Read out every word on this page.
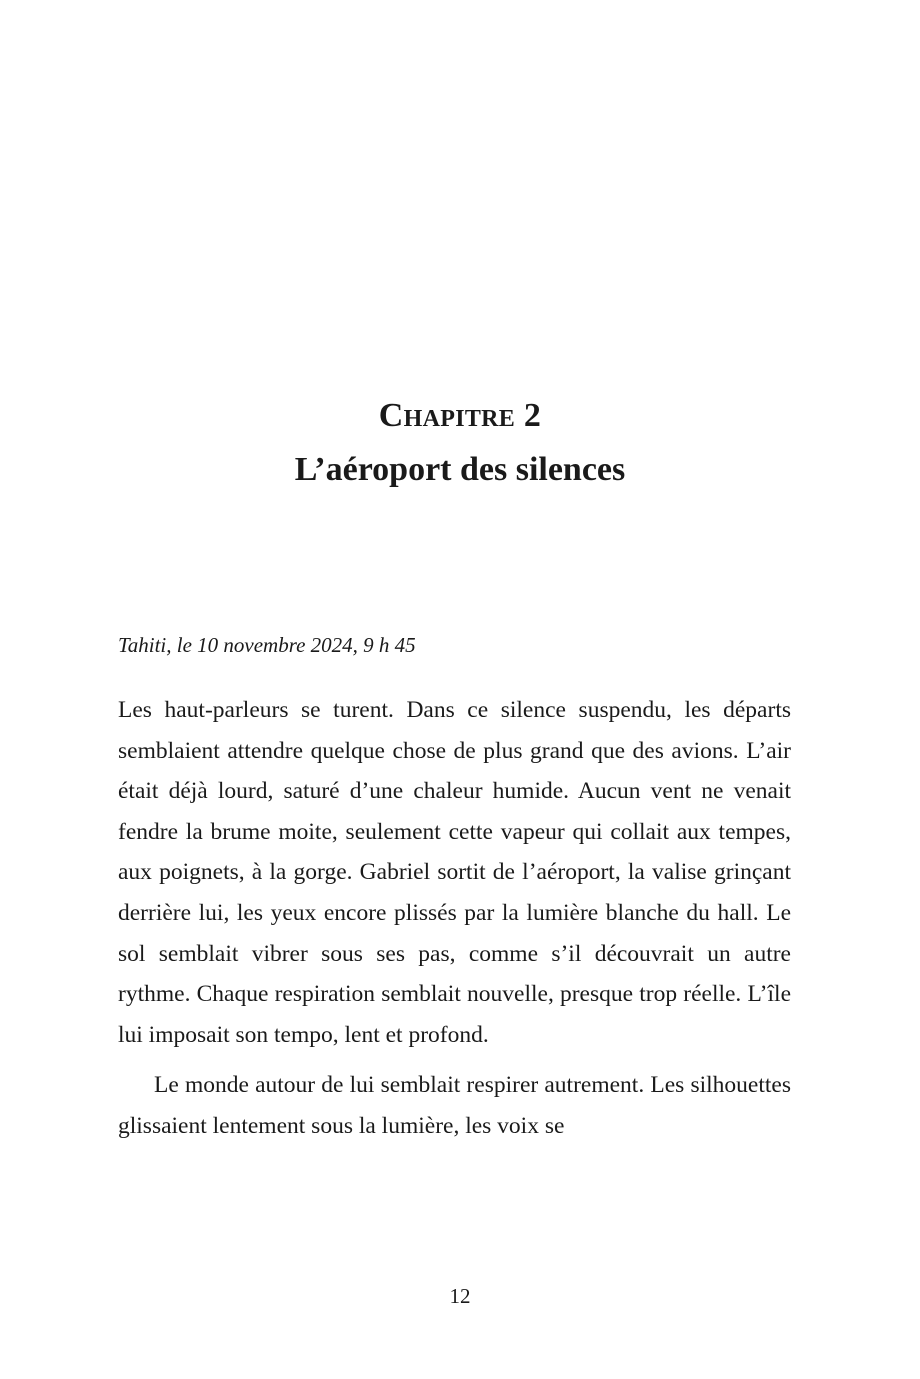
Chapitre 2
L’aéroport des silences
Tahiti, le 10 novembre 2024, 9 h 45

Les haut-parleurs se turent. Dans ce silence suspendu, les départs semblaient attendre quelque chose de plus grand que des avions. L’air était déjà lourd, saturé d’une chaleur humide. Aucun vent ne venait fendre la brume moite, seulement cette vapeur qui collait aux tempes, aux poignets, à la gorge. Gabriel sortit de l’aéroport, la valise grinçant derrière lui, les yeux encore plissés par la lumière blanche du hall. Le sol semblait vibrer sous ses pas, comme s’il découvrait un autre rythme. Chaque respiration semblait nouvelle, presque trop réelle. L’île lui imposait son tempo, lent et profond.

Le monde autour de lui semblait respirer autrement. Les silhouettes glissaient lentement sous la lumière, les voix se

12
